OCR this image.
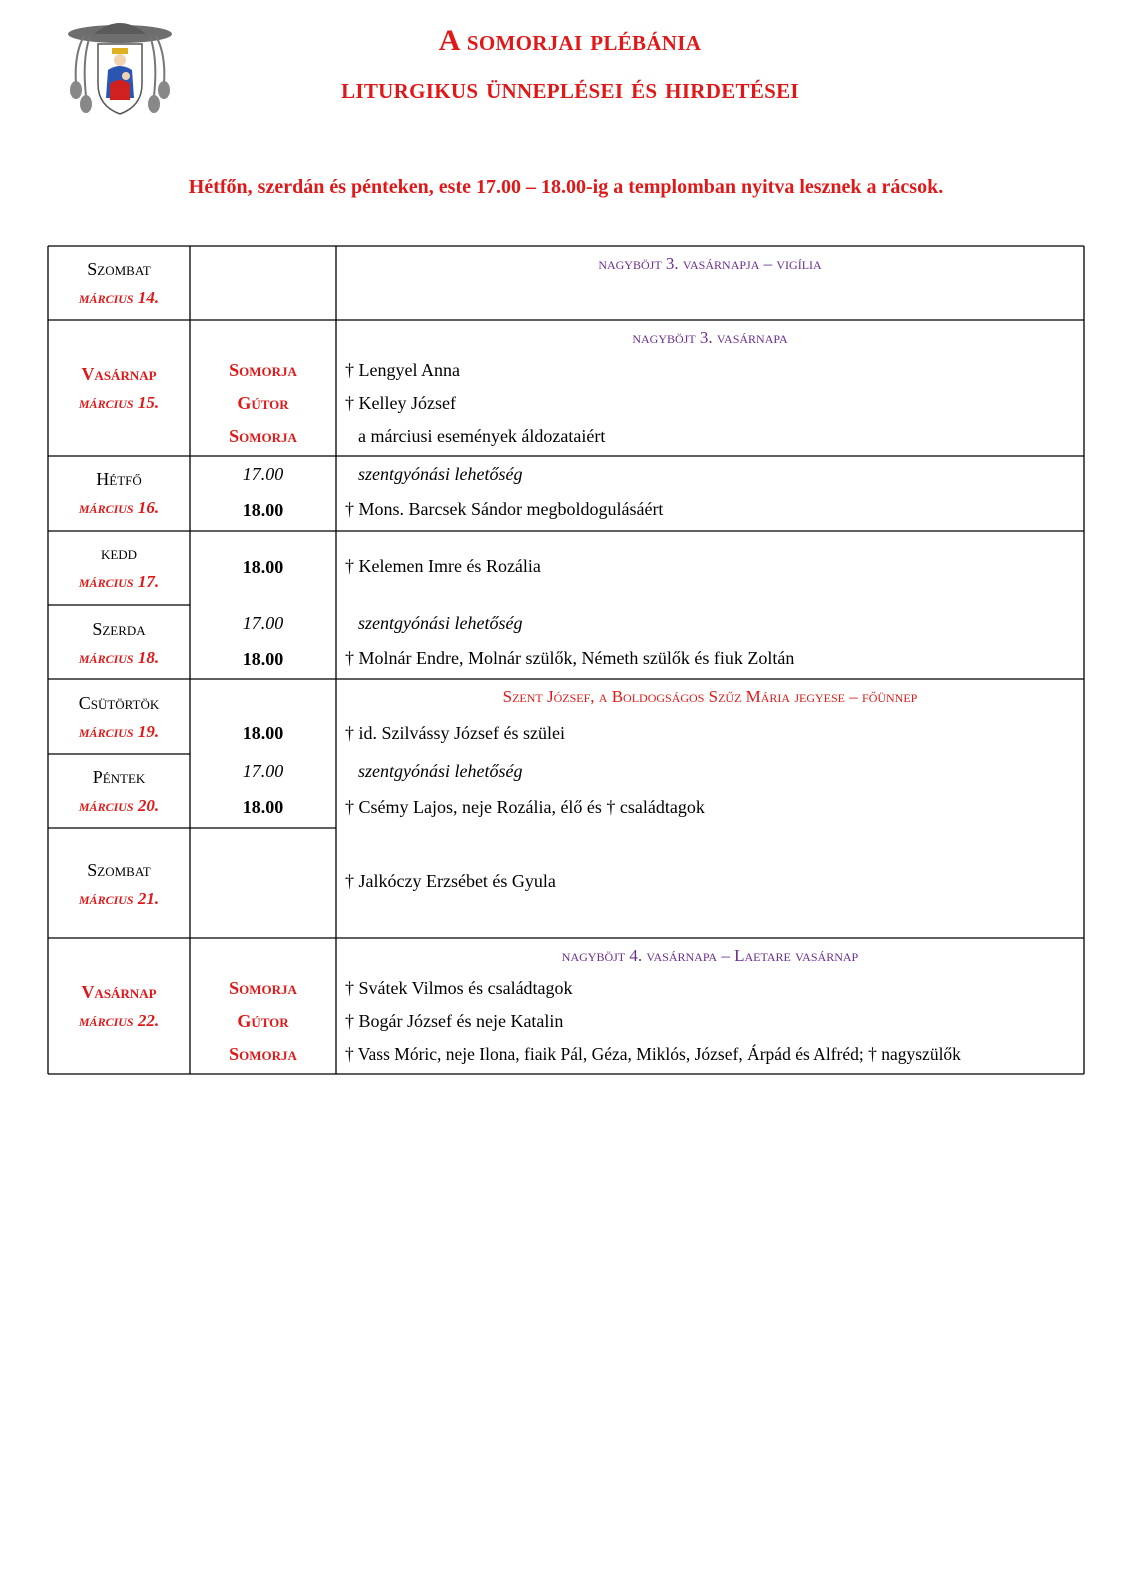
A somorjai plébánia
liturgikus ünneplései és hirdetései
Hétfőn, szerdán és pénteken, este 17.00 – 18.00-ig a templomban nyitva lesznek a rácsok.
Szombat
március 14.
nagyböjt 3. vasárnapja – vigília
Vasárnap
március 15.
nagyböjt 3. vasárnapa
Somorja
Gútor
Somorja
† Lengyel Anna
† Kelley József
a márciusi események áldozataiért
Hétfő
március 16.
17.00
18.00
szentgyónási lehetőség
† Mons. Barcsek Sándor megboldogulásáért
kedd
március 17.
18.00	† Kelemen Imre és Rozália
Szerda
március 18.
17.00
18.00
szentgyónási lehetőség
† Molnár Endre, Molnár szülők, Németh szülők és fiuk Zoltán
Csütörtök
március 19.
Szent József, a Boldogságos Szűz Mária jegyese – főünnep
18.00	† id. Szilvássy József és szülei
Péntek
március 20.
17.00
18.00
szentgyónási lehetőség
† Csémy Lajos, neje Rozália, élő és † családtagok
Szombat
március 21.
† Jalkóczy Erzsébet és Gyula
Vasárnap
március 22.
nagyböjt 4. vasárnapa – Laetare vasárnap
Somorja
Gútor
Somorja
† Svátek Vilmos és családtagok
† Bogár József és neje Katalin
† Vass Móric, neje Ilona, fiaik Pál, Géza, Miklós, József, Árpád és Alfréd; † nagyszülők
